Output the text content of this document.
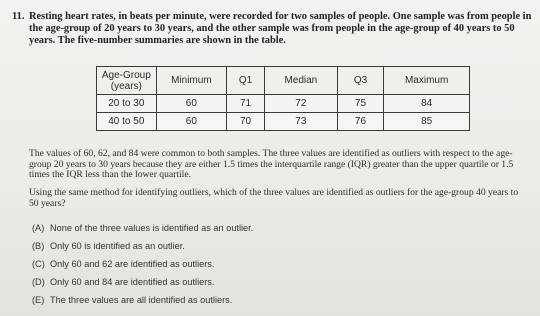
11. Resting heart rates, in beats per minute, were recorded for two samples of people. One sample was from people in the age-group of 20 years to 30 years, and the other sample was from people in the age-group of 40 years to 50 years. The five-number summaries are shown in the table.
Age-Group (years)	Minimum	Q1	Median	Q3	Maximum
20 to 30	60	71	72	75	84
40 to 50	60	70	73	76	85
The values of 60, 62, and 84 were common to both samples. The three values are identified as outliers with respect to the age-group 20 years to 30 years because they are either 1.5 times the interquartile range (IQR) greater than the upper quartile or 1.5 times the IQR less than the lower quartile.
Using the same method for identifying outliers, which of the three values are identified as outliers for the age-group 40 years to 50 years?
(A) None of the three values is identified as an outlier.
(B) Only 60 is identified as an outlier.
(C) Only 60 and 62 are identified as outliers.
(D) Only 60 and 84 are identified as outliers.
(E) The three values are all identified as outliers.
